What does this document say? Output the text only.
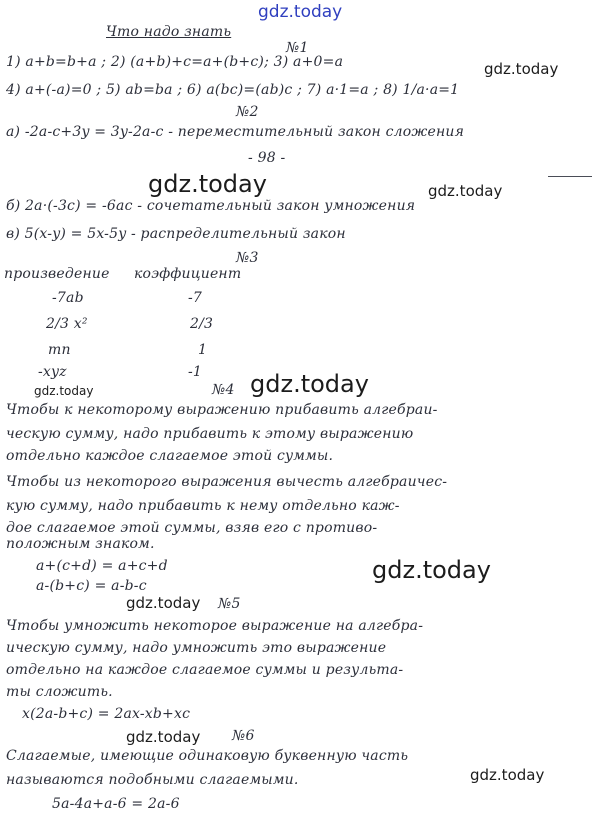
gdz.today
gdz.today
gdz.today	gdz.today
gdz.today
gdz.today
gdz.today
gdz.today
gdz.today
gdz.today
Что надо знать
№1
1) a+b=b+a ; 2) (a+b)+c=a+(b+c); 3) a+0=a
4) a+(-a)=0 ; 5) ab=ba ; 6) a(bc)=(ab)c ; 7) a·1=a ; 8) 1/a·a=1
№2
а) -2a-c+3y = 3y-2a-c - переместительный закон сложения
- 98 -
б) 2a·(-3c) = -6ac - сочетательный закон умножения
в) 5(x-y) = 5x-5y - распределительный закон
№3
произведение коэффициент
-7ab	-7
2/3 x²	2/3
mn	1
-xyz	-1
№4
Чтобы к некоторому выражению прибавить алгебраи-
ческую сумму, надо прибавить к этому выражению
отдельно каждое слагаемое этой суммы.
Чтобы из некоторого выражения вычесть алгебраичес-
кую сумму, надо прибавить к нему отдельно каж-
дое слагаемое этой суммы, взяв его с противо-
положным знаком.
a+(c+d) = a+c+d
a-(b+c) = a-b-c
№5
Чтобы умножить некоторое выражение на алгебра-
ическую сумму, надо умножить это выражение
отдельно на каждое слагаемое суммы и результа-
ты сложить.
x(2a-b+c) = 2ax-xb+xc
№6
Слагаемые, имеющие одинаковую буквенную часть
называются подобными слагаемыми.
5a-4a+a-6 = 2a-6
